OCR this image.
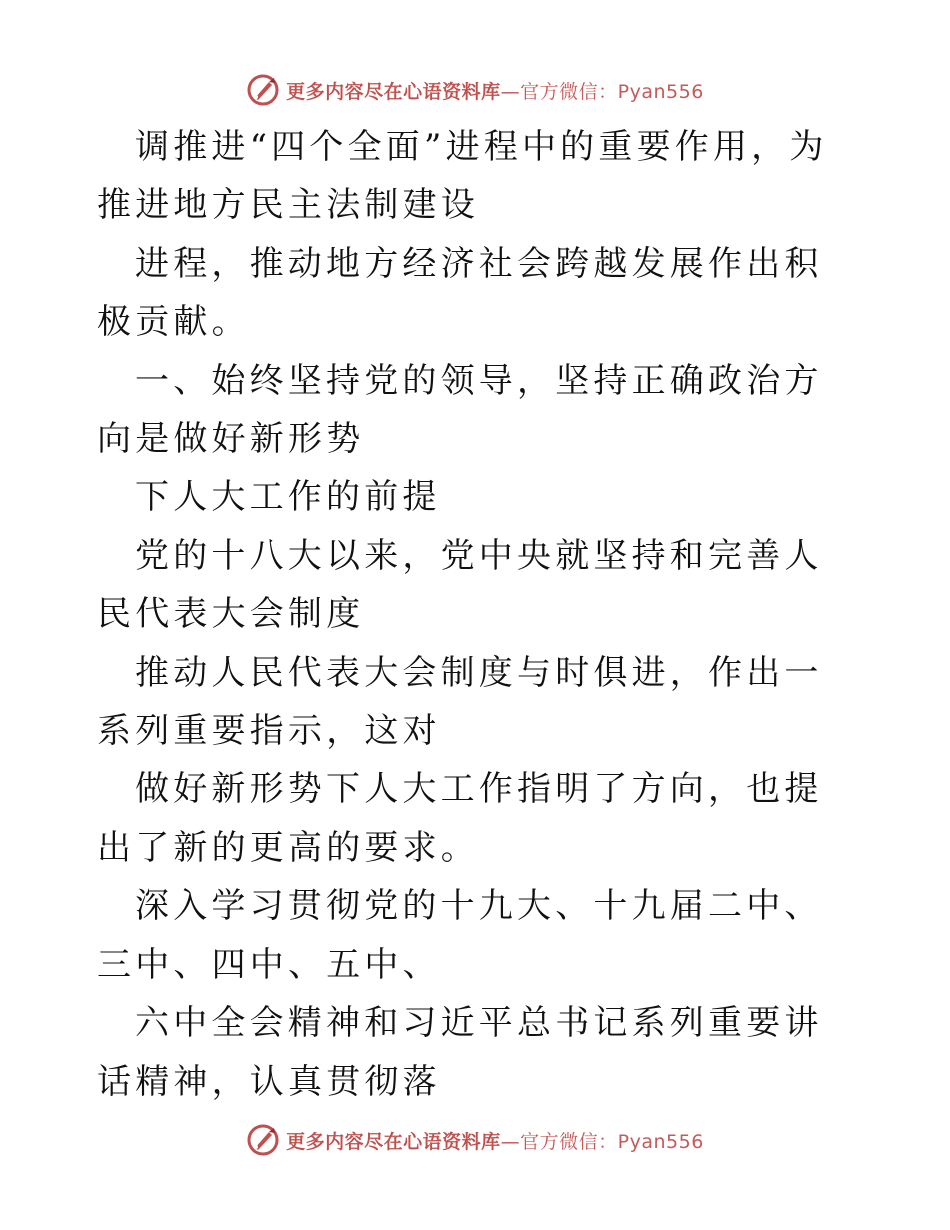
更多内容尽在心语资料库—官方微信：Pyan556

调推进“四个全面”进程中的重要作用，为推进地方民主法制建设

进程，推动地方经济社会跨越发展作出积极贡献。

一、始终坚持党的领导，坚持正确政治方向是做好新形势

下人大工作的前提

党的十八大以来，党中央就坚持和完善人民代表大会制度

推动人民代表大会制度与时俱进，作出一系列重要指示，这对

做好新形势下人大工作指明了方向，也提出了新的更高的要求。

深入学习贯彻党的十九大、十九届二中、三中、四中、五中、

六中全会精神和习近平总书记系列重要讲话精神，认真贯彻落

更多内容尽在心语资料库—官方微信：Pyan556
